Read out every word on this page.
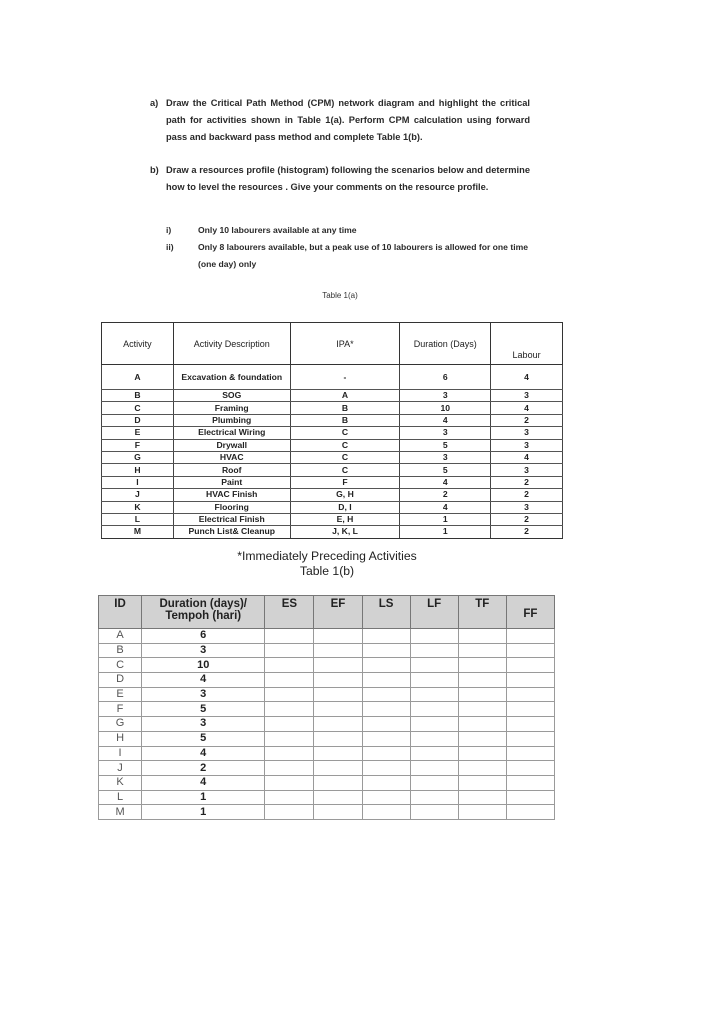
a) Draw the Critical Path Method (CPM) network diagram and highlight the critical path for activities shown in Table 1(a). Perform CPM calculation using forward pass and backward pass method and complete Table 1(b).
b) Draw a resources profile (histogram) following the scenarios below and determine how to level the resources . Give your comments on the resource profile.
i)	Only 10 labourers available at any time
ii)	Only 8 labourers available, but a peak use of 10 labourers is allowed for one time (one day) only
Table 1(a)
Activity	Activity Description	IPA*	Duration (Days)	Labour
A	Excavation & foundation	-	6	4
B	SOG	A	3	3
C	Framing	B	10	4
D	Plumbing	B	4	2
E	Electrical Wiring	C	3	3
F	Drywall	C	5	3
G	HVAC	C	3	4
H	Roof	C	5	3
I	Paint	F	4	2
J	HVAC Finish	G, H	2	2
K	Flooring	D, I	4	3
L	Electrical Finish	E, H	1	2
M	Punch List& Cleanup	J, K, L	1	2
*Immediately Preceding Activities
Table 1(b)
ID	Duration (days)/ Tempoh (hari)	ES	EF	LS	LF	TF	FF
A	6						
B	3						
C	10						
D	4						
E	3						
F	5						
G	3						
H	5						
I	4						
J	2						
K	4						
L	1						
M	1						
